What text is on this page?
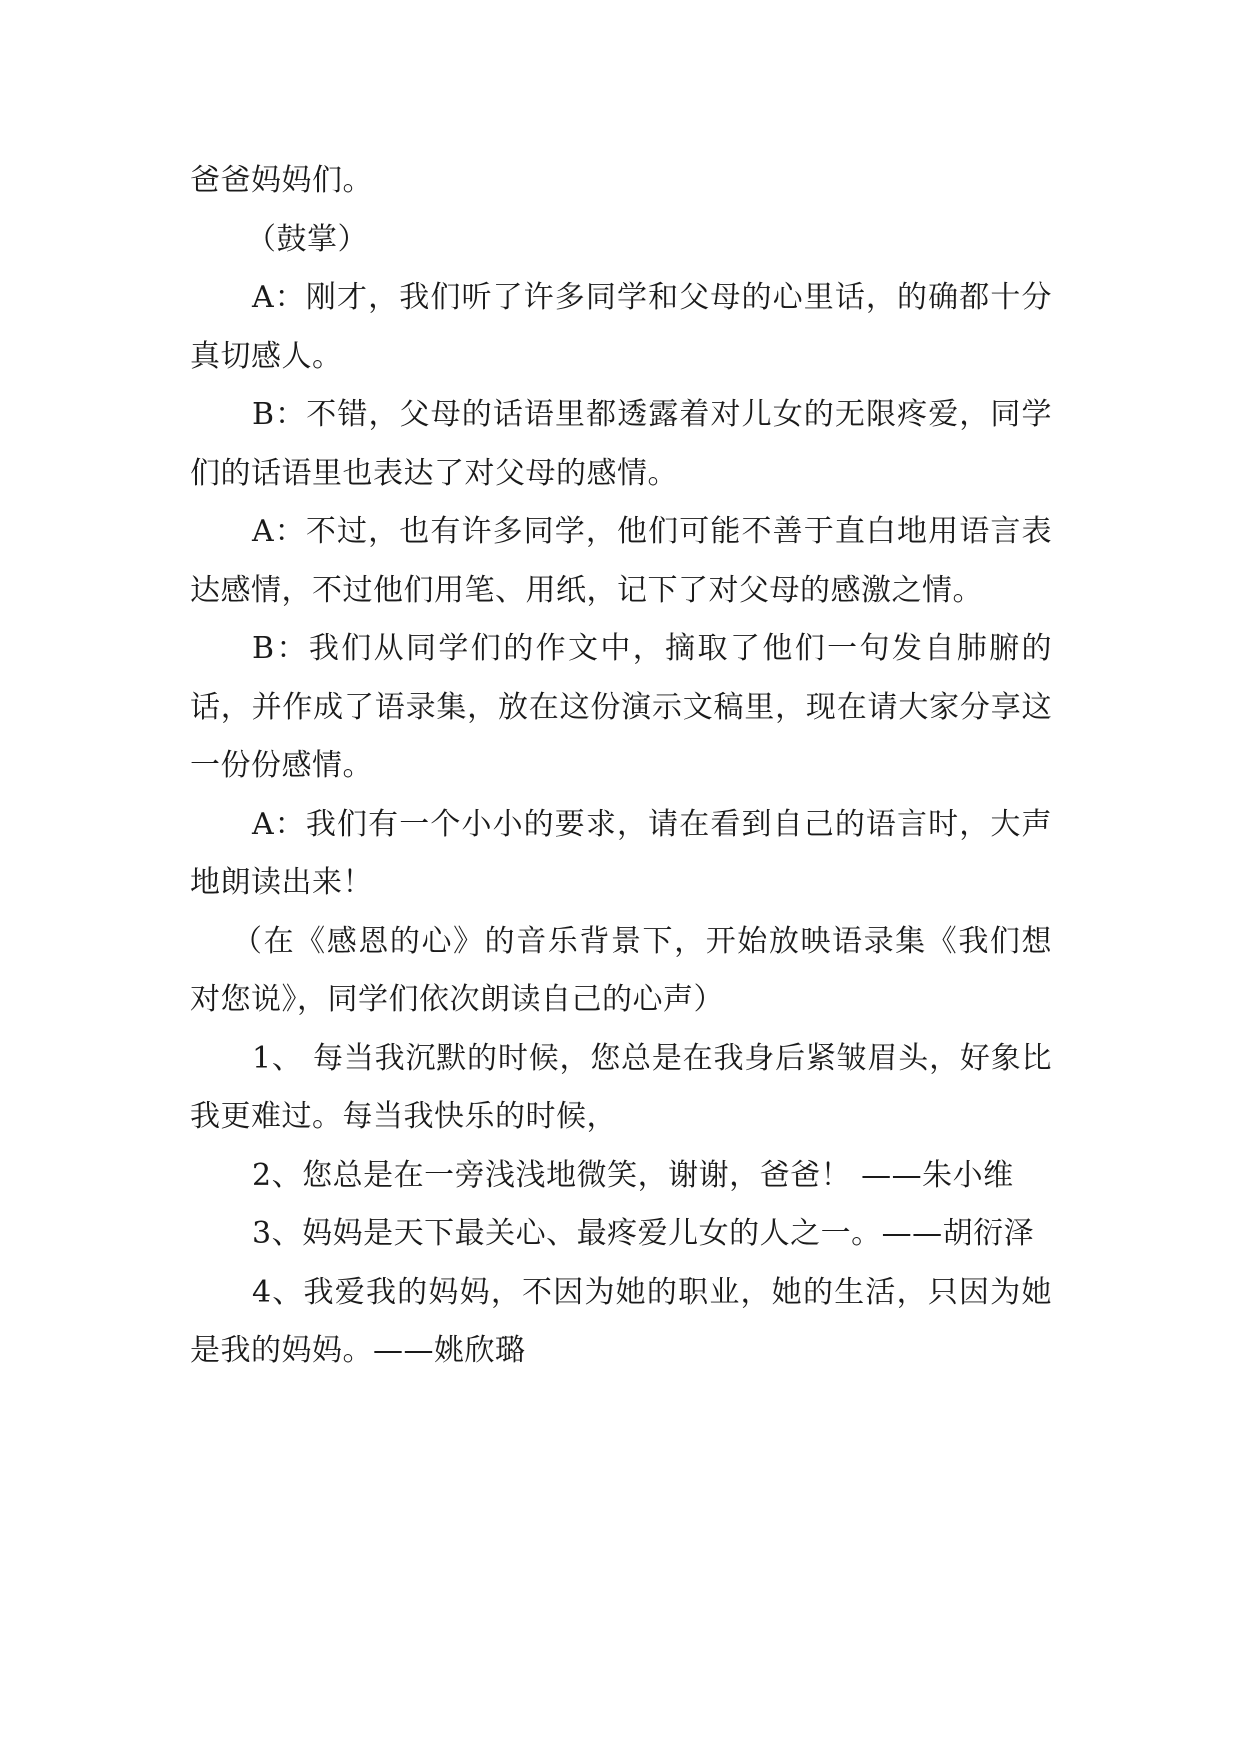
爸爸妈妈们。

（鼓掌）

A：刚才，我们听了许多同学和父母的心里话，的确都十分真切感人。

B：不错，父母的话语里都透露着对儿女的无限疼爱，同学们的话语里也表达了对父母的感情。

A：不过，也有许多同学，他们可能不善于直白地用语言表达感情，不过他们用笔、用纸，记下了对父母的感激之情。

B：我们从同学们的作文中，摘取了他们一句发自肺腑的话，并作成了语录集，放在这份演示文稿里，现在请大家分享这一份份感情。

A：我们有一个小小的要求，请在看到自己的语言时，大声地朗读出来！

（在《感恩的心》的音乐背景下，开始放映语录集《我们想对您说》，同学们依次朗读自己的心声）

1、 每当我沉默的时候，您总是在我身后紧皱眉头，好象比我更难过。每当我快乐的时候，

2、您总是在一旁浅浅地微笑，谢谢，爸爸！ ——朱小维

3、妈妈是天下最关心、最疼爱儿女的人之一。——胡衍泽

4、我爱我的妈妈，不因为她的职业，她的生活，只因为她是我的妈妈。——姚欣璐
